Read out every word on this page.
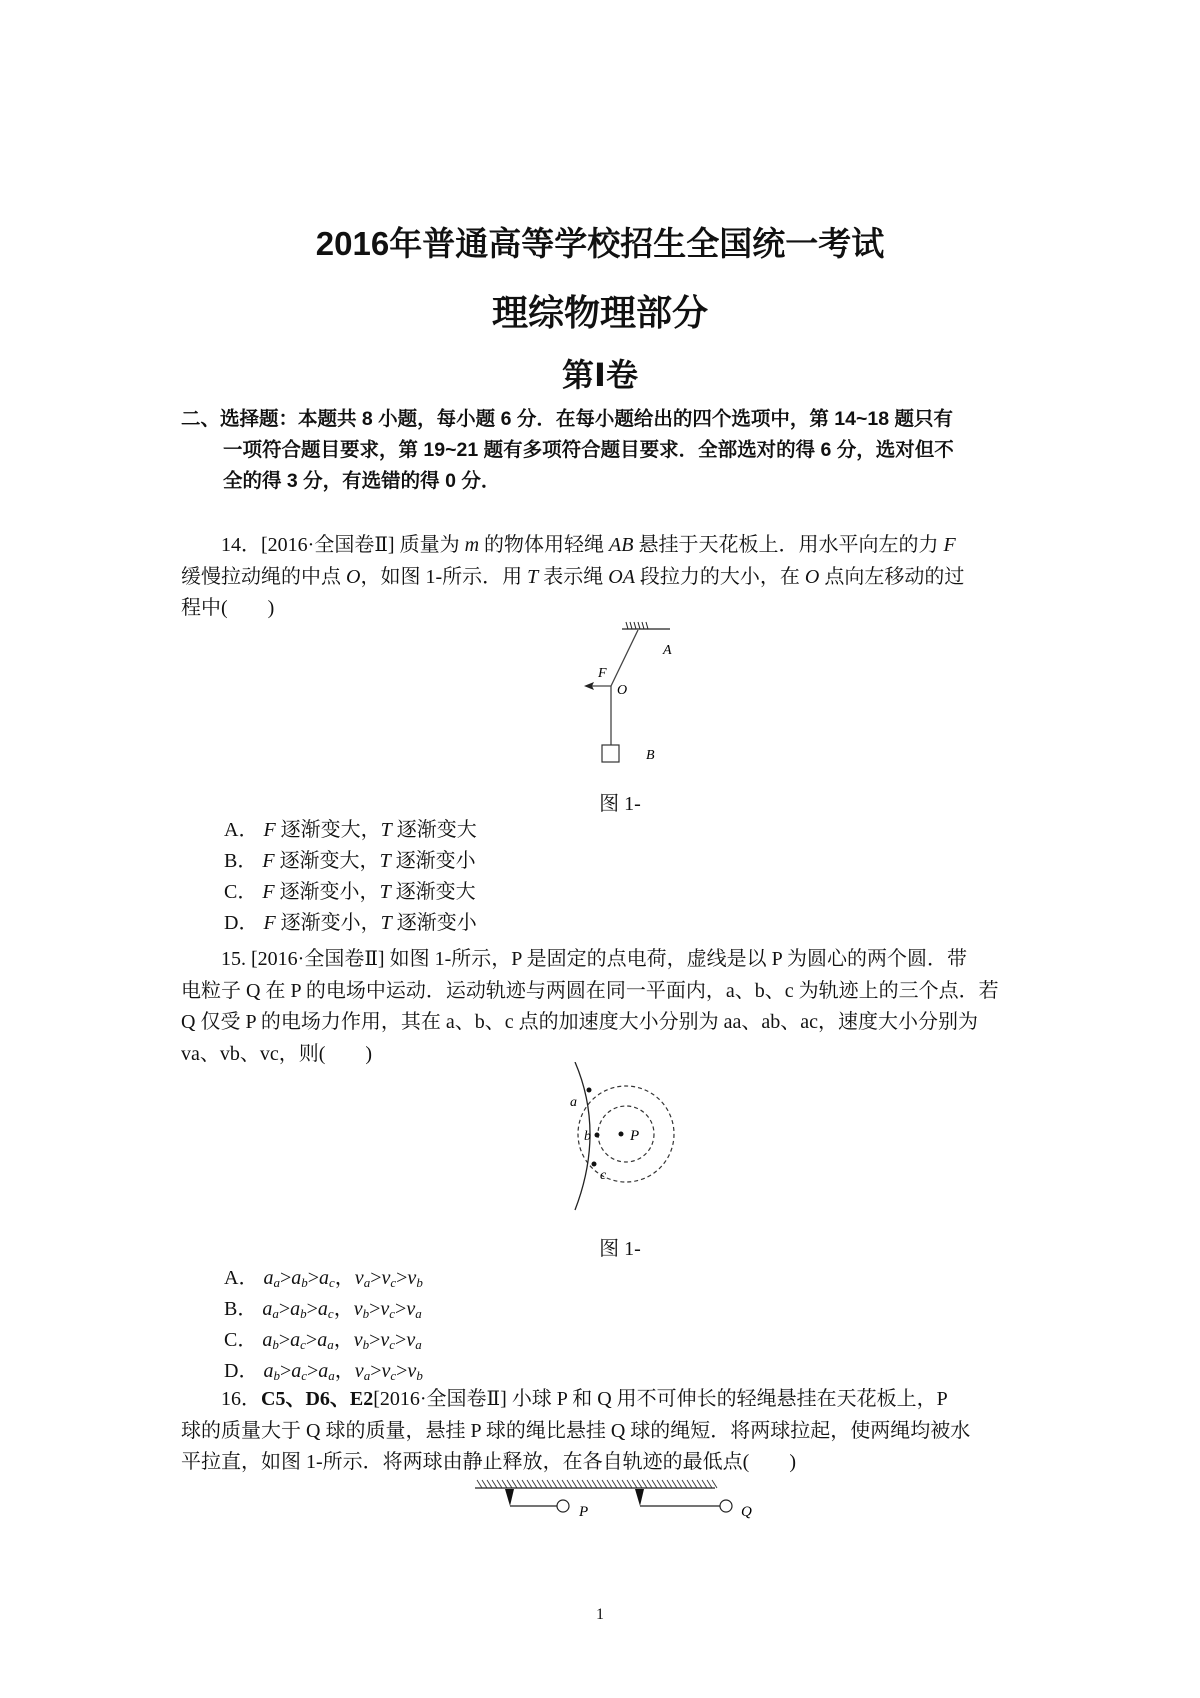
2016年普通高等学校招生全国统一考试
理综物理部分
第Ⅰ卷
二、选择题：本题共 8 小题，每小题 6 分．在每小题给出的四个选项中，第 14~18 题只有
一项符合题目要求，第 19~21 题有多项符合题目要求．全部选对的得 6 分，选对但不
全的得 3 分，有选错的得 0 分．
14．[2016·全国卷Ⅱ] 质量为 m 的物体用轻绳 AB 悬挂于天花板上．用水平向左的力 F
缓慢拉动绳的中点 O，如图 1-所示．用 T 表示绳 OA 段拉力的大小，在 O 点向左移动的过
程中(　　)
A
F
O
B
图 1-
A． F 逐渐变大，T 逐渐变大
B． F 逐渐变大，T 逐渐变小
C． F 逐渐变小，T 逐渐变大
D． F 逐渐变小，T 逐渐变小
15. [2016·全国卷Ⅱ] 如图 1-所示，P 是固定的点电荷，虚线是以 P 为圆心的两个圆．带
电粒子 Q 在 P 的电场中运动．运动轨迹与两圆在同一平面内，a、b、c 为轨迹上的三个点．若
Q 仅受 P 的电场力作用，其在 a、b、c 点的加速度大小分别为 aa、ab、ac，速度大小分别为
va、vb、vc，则(　　)
a
b
c
P
图 1-
A． $a_a>a_b>a_c$，$v_a>v_c>v_b$
B． $a_a>a_b>a_c$，$v_b>v_c>v_a$
C． $a_b>a_c>a_a$，$v_b>v_c>v_a$
D． $a_b>a_c>a_a$，$v_a>v_c>v_b$
16．C5、D6、E2[2016·全国卷Ⅱ] 小球 P 和 Q 用不可伸长的轻绳悬挂在天花板上，P
球的质量大于 Q 球的质量，悬挂 P 球的绳比悬挂 Q 球的绳短．将两球拉起，使两绳均被水
平拉直，如图 1-所示．将两球由静止释放，在各自轨迹的最低点(　　)
P	Q
1
